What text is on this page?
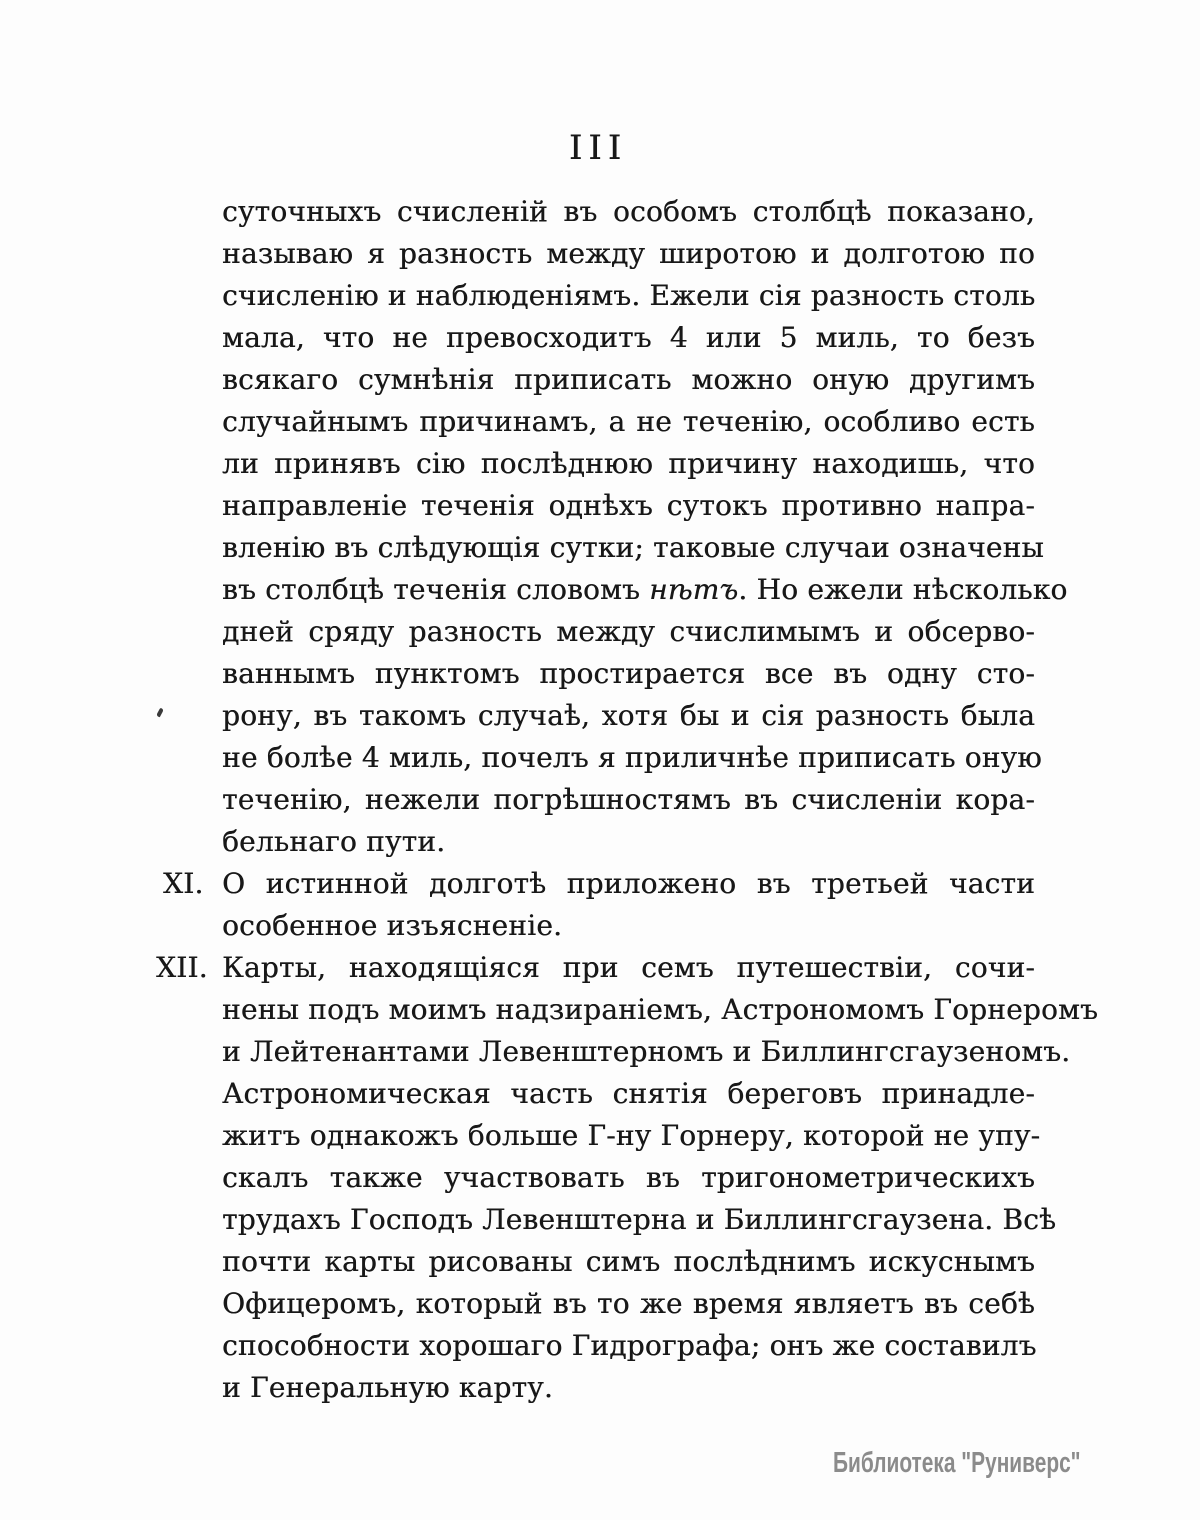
III
суточныхъ счисленій въ особомъ столбцѣ показано,
называю я разность между широтою и долготою по
счисленію и наблюденіямъ. Ежели сія разность столь
мала, что не превосходитъ 4 или 5 миль, то безъ
всякаго сумнѣнія приписать можно оную другимъ
случайнымъ причинамъ, а не теченію, особливо есть
ли принявъ сію послѣднюю причину находишь, что
направленіе теченія однѣхъ сутокъ противно напра-
вленію въ слѣдующія сутки; таковые случаи означены
въ столбцѣ теченія словомъ нѣтъ. Но ежели нѣсколько
дней сряду разность между счислимымъ и обсерво-
ваннымъ пунктомъ простирается все въ одну сто-
рону, въ такомъ случаѣ, хотя бы и сія разность была
не болѣе 4 миль, почелъ я приличнѣе приписать оную
теченію, нежели погрѣшностямъ въ счисленіи кора-
бельнаго пути.
XI. О истинной долготѣ приложено въ третьей части
особенное изъясненіе.
XII. Карты, находящіяся при семъ путешествіи, сочи-
нены подъ моимъ надзираніемъ, Астрономомъ Горнеромъ
и Лейтенантами Левенштерномъ и Биллингсгаузеномъ.
Астрономическая часть снятія береговъ принадле-
житъ однакожъ больше Г-ну Горнеру, которой не упу-
скалъ также участвовать въ тригонометрическихъ
трудахъ Господъ Левенштерна и Биллингсгаузена. Всѣ
почти карты рисованы симъ послѣднимъ искуснымъ
Офицеромъ, который въ то же время являетъ въ себѣ
способности хорошаго Гидрографа; онъ же составилъ
и Генеральную карту.
Библиотека "Руниверс"
